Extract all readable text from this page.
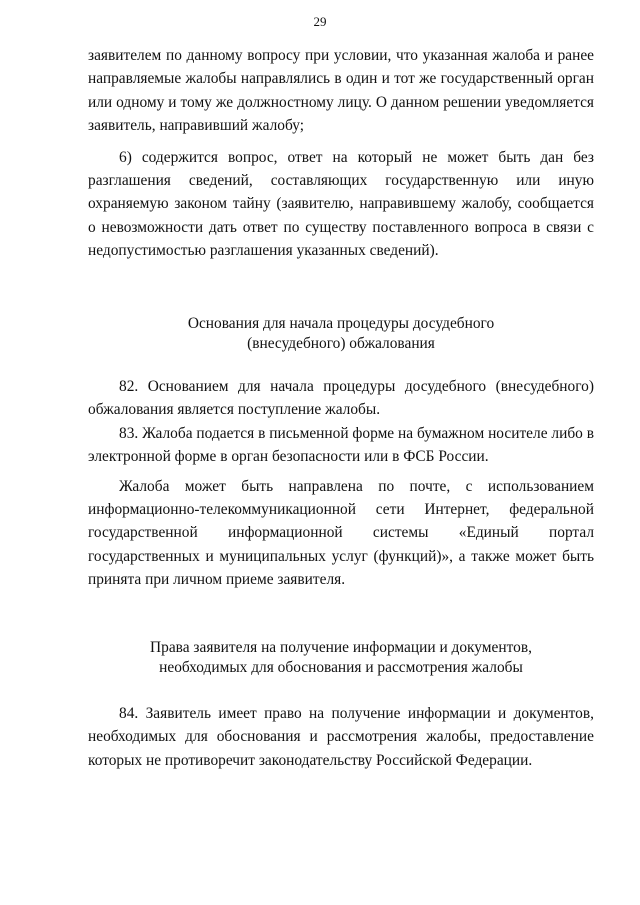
29

заявителем по данному вопросу при условии, что указанная жалоба и ранее направляемые жалобы направлялись в один и тот же государственный орган или одному и тому же должностному лицу. О данном решении уведомляется заявитель, направивший жалобу;

6) содержится вопрос, ответ на который не может быть дан без разглашения сведений, составляющих государственную или иную охраняемую законом тайну (заявителю, направившему жалобу, сообщается о невозможности дать ответ по существу поставленного вопроса в связи с недопустимостью разглашения указанных сведений).

Основания для начала процедуры досудебного
(внесудебного) обжалования

82. Основанием для начала процедуры досудебного (внесудебного) обжалования является поступление жалобы.

83. Жалоба подается в письменной форме на бумажном носителе либо в электронной форме в орган безопасности или в ФСБ России.

Жалоба может быть направлена по почте, с использованием информационно-телекоммуникационной сети Интернет, федеральной государственной информационной системы «Единый портал государственных и муниципальных услуг (функций)», а также может быть принята при личном приеме заявителя.

Права заявителя на получение информации и документов,
необходимых для обоснования и рассмотрения жалобы

84. Заявитель имеет право на получение информации и документов, необходимых для обоснования и рассмотрения жалобы, предоставление которых не противоречит законодательству Российской Федерации.
